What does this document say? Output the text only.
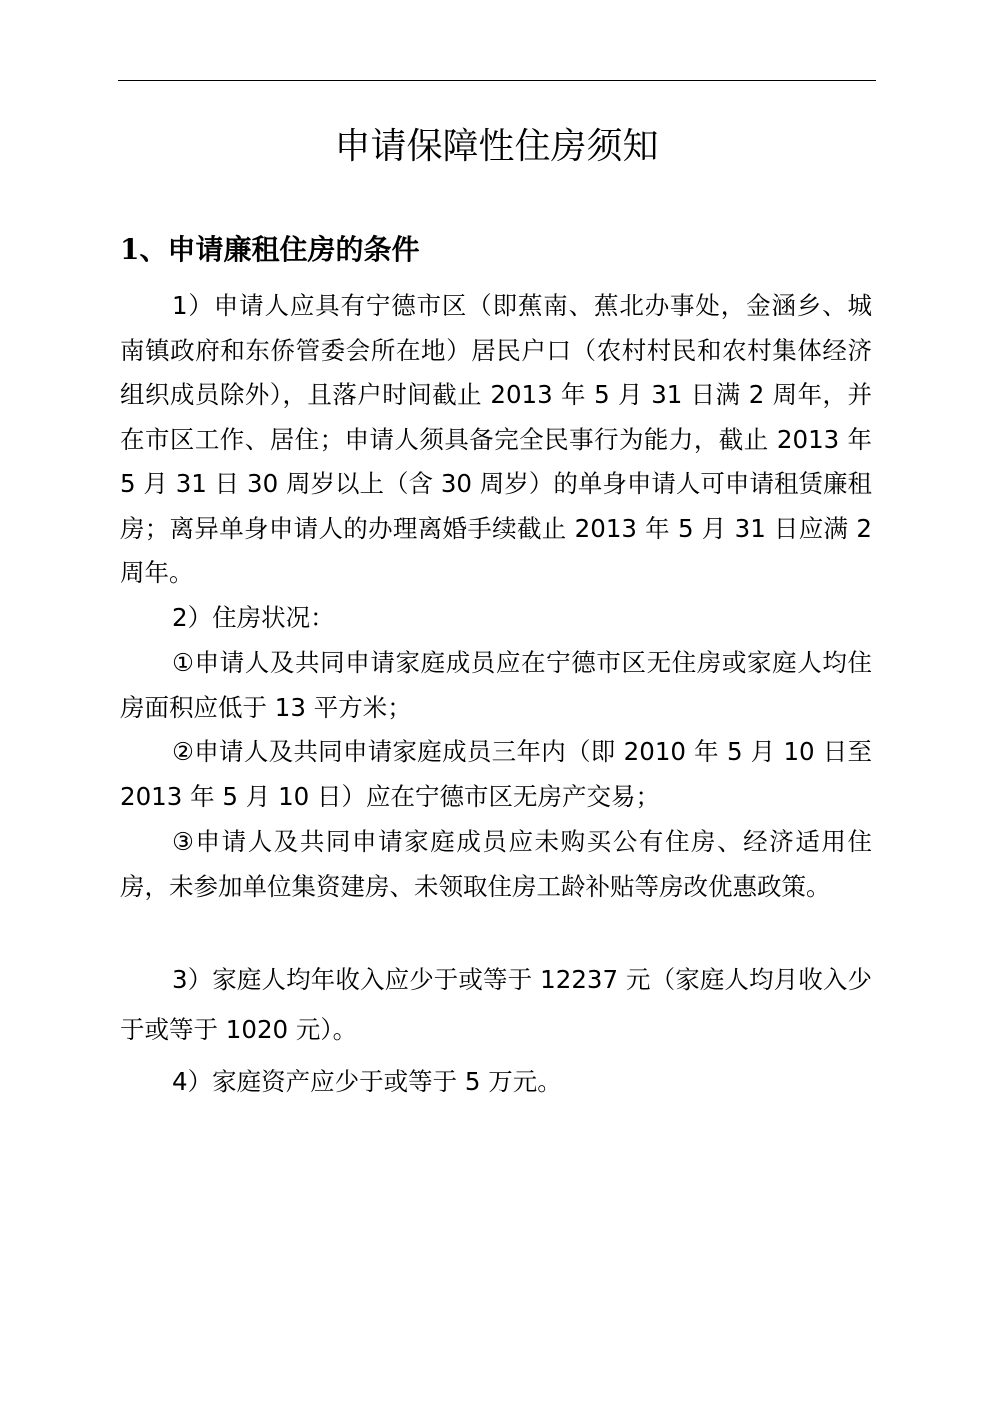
申请保障性住房须知
1、申请廉租住房的条件

1）申请人应具有宁德市区（即蕉南、蕉北办事处，金涵乡、城南镇政府和东侨管委会所在地）居民户口（农村村民和农村集体经济组织成员除外），且落户时间截止 2013 年 5 月 31 日满 2 周年，并在市区工作、居住；申请人须具备完全民事行为能力，截止 2013 年 5 月 31 日 30 周岁以上（含 30 周岁）的单身申请人可申请租赁廉租房；离异单身申请人的办理离婚手续截止 2013 年 5 月 31 日应满 2 周年。

2）住房状况：

①申请人及共同申请家庭成员应在宁德市区无住房或家庭人均住房面积应低于 13 平方米；

②申请人及共同申请家庭成员三年内（即 2010 年 5 月 10 日至 2013 年 5 月 10 日）应在宁德市区无房产交易；

③申请人及共同申请家庭成员应未购买公有住房、经济适用住房，未参加单位集资建房、未领取住房工龄补贴等房改优惠政策。

3）家庭人均年收入应少于或等于 12237 元（家庭人均月收入少于或等于 1020 元）。

4）家庭资产应少于或等于 5 万元。
